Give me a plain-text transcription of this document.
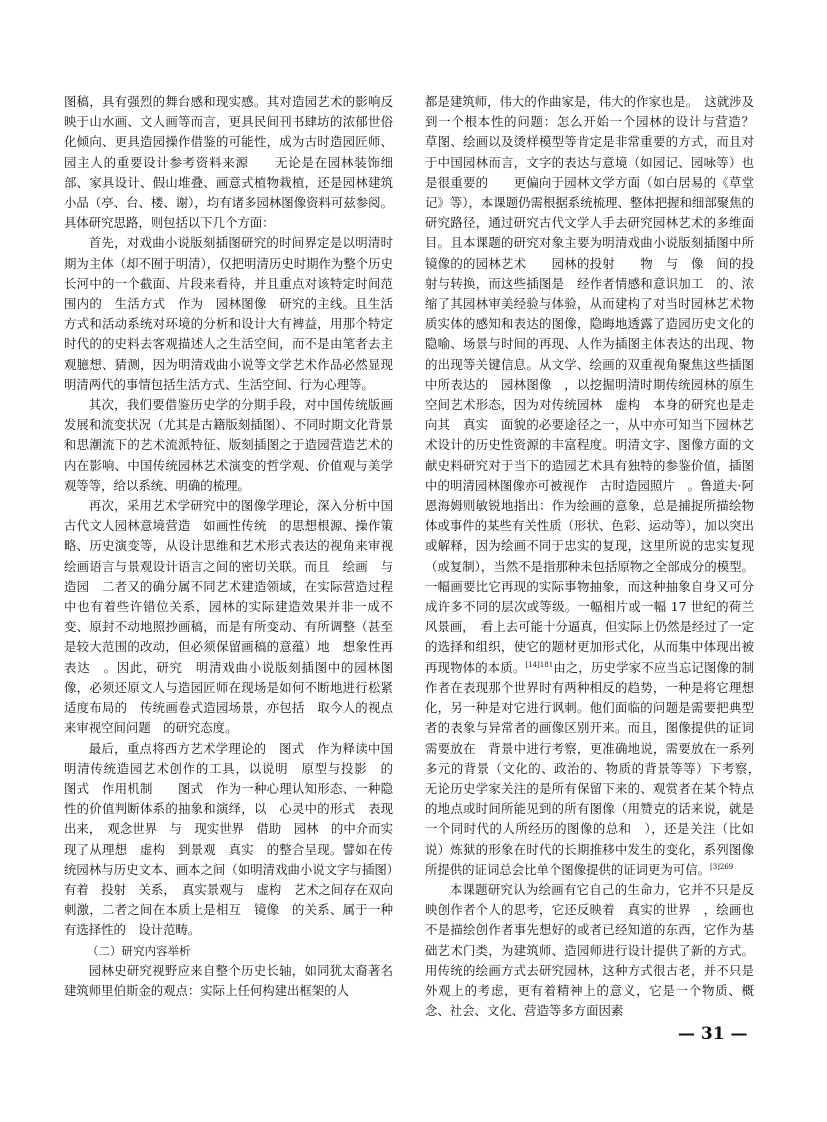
图稿，具有强烈的舞台感和现实感。其对造园艺术的影响反映于山水画、文人画等而言，更具民间刊书肆坊的浓郁世俗化倾向、更具造园操作借鉴的可能性，成为古时造园匠师、园主人的重要设计参考资料来源　　无论是在园林装饰细部、家具设计、假山堆叠、画意式植物栽植，还是园林建筑小品（亭、台、楼、谢），均有诸多园林图像资料可兹参阅。具体研究思路，则包括以下几个方面：

首先，对戏曲小说版刻插图研究的时间界定是以明清时期为主体（却不囿于明清），仅把明清历史时期作为整个历史长河中的一个截面、片段来看待，并且重点对该特定时间范围内的　生活方式　作为　园林图像　研究的主线。且生活方式和活动系统对环境的分析和设计大有裨益，用那个特定时代的的史料去客观描述人之生活空间，而不是由笔者去主观臆想、猜测，因为明清戏曲小说等文学艺术作品必然显现明清两代的事情包括生活方式、生活空间、行为心理等。

其次，我们要借鉴历史学的分期手段，对中国传统版画发展和流变状况（尤其是古籍版刻插图）、不同时期文化背景和思潮流下的艺术流派特征、版刻插图之于造园营造艺术的内在影响、中国传统园林艺术演变的哲学观、价值观与美学观等等，给以系统、明确的梳理。

再次，采用艺术学研究中的图像学理论，深入分析中国古代文人园林意境营造　如画性传统　的思想根源、操作策略、历史演变等，从设计思维和艺术形式表达的视角来审视绘画语言与景观设计语言之间的密切关联。而且　绘画　与　造园　二者又的确分属不同艺术建造领域，在实际营造过程中也有着些许错位关系，园林的实际建造效果并非一成不变、原封不动地照抄画稿，而是有所变动、有所调整（甚至是较大范围的改动，但必须保留画稿的意蕴）地　想象性再表达　。因此，研究　明清戏曲小说版刻插图中的园林图像，必须还原文人与造园匠师在现场是如何不断地进行松紧适度布局的　传统画卷式造园场景，亦包括　取今人的视点来审视空间问题　的研究态度。

最后，重点将西方艺术学理论的　图式　作为释读中国明清传统造园艺术创作的工具，以说明　原型与投影　的　图式　作用机制　　图式　作为一种心理认知形态、一种隐性的价值判断体系的抽象和演绎，以　心灵中的形式　表现出来，　观念世界　与　现实世界　借助　园林　的中介而实现了从理想　虚构　到景观　真实　的整合呈现。譬如在传统园林与历史文本、画本之间（如明清戏曲小说文字与插图）有着　投射　关系，　真实景观与　虚构　艺术之间存在双向刺激，二者之间在本质上是相互　镜像　的关系、属于一种有选择性的　设计范畴。

（二）研究内容举析

园林史研究视野应来自整个历史长轴，如同犹太裔著名建筑师里伯斯金的观点：实际上任何构建出框架的人

都是建筑师，伟大的作曲家是，伟大的作家也是。　这就涉及到一个根本性的问题：怎么开始一个园林的设计与营造？　草图、绘画以及烫样模型等肯定是非常重要的方式，而且对于中国园林而言，文字的表达与意境（如园记、园咏等）也是很重要的　　更偏向于园林文学方面（如白居易的《草堂记》等），本课题仍需根据系统梳理、整体把握和细部聚焦的研究路径，通过研究古代文学人手去研究园林艺术的多维面目。且本课题的研究对象主要为明清戏曲小说版刻插图中所镜像的的园林艺术　　园林的投射　　物　与　像　间的投射与转换，而这些插图是　经作者情感和意识加工　的、浓缩了其园林审美经验与体验，从而建构了对当时园林艺术物质实体的感知和表达的图像，隐晦地透露了造园历史文化的隐喻、场景与时间的再现、人作为插图主体表达的出现、物的出现等关键信息。从文学、绘画的双重视角聚焦这些插图中所表达的　园林图像　，以挖掘明清时期传统园林的原生空间艺术形态，因为对传统园林　虚构　本身的研究也是走向其　真实　面貌的必要途径之一，从中亦可知当下园林艺术设计的历史性资源的丰富程度。明清文字、图像方面的文献史料研究对于当下的造园艺术具有独特的参鉴价值，插图中的明清园林图像亦可被视作　古时造园照片　。鲁道夫·阿恩海姆则敏锐地指出：作为绘画的意象，总是捕捉所描绘物体或事件的某些有关性质（形状、色彩、运动等），加以突出或解释，因为绘画不同于忠实的复现，这里所说的忠实复现（或复制），当然不是指那种未包括原物之全部成分的模型。一幅画要比它再现的实际事物抽象，而这种抽象自身又可分成许多不同的层次或等级。一幅相片或一幅 17 世纪的荷兰风景画，　看上去可能十分逼真，但实际上仍然是经过了一定的选择和组织，使它的题材更加形式化，从而集中体现出被再现物体的本质。$^{[14]181}$由之，历史学家不应当忘记图像的制作者在表现那个世界时有两种相反的趋势，一种是将它理想化，另一种是对它进行讽刺。他们面临的问题是需要把典型者的表象与异常者的画像区别开来。而且，图像提供的证词需要放在　背景中进行考察，更准确地说，需要放在一系列多元的背景（文化的、政治的、物质的背景等等）下考察，　　无论历史学家关注的是所有保留下来的、观赏者在某个特点的地点或时间所能见到的所有图像（用赞克的话来说，就是　一个同时代的人所经历的图像的总和　），还是关注（比如说）炼狱的形象在时代的长期推移中发生的变化，系列图像所提供的证词总会比单个图像提供的证词更为可信。$^{[3]269}$

本课题研究认为绘画有它自己的生命力，它并不只是反映创作者个人的思考，它还反映着　真实的世界　，绘画也不是描绘创作者事先想好的或者已经知道的东西，它作为基础艺术门类，为建筑师、造园师进行设计提供了新的方式。用传统的绘画方式去研究园林，这种方式很古老，并不只是外观上的考虑，更有着精神上的意义，它是一个物质、概念、社会、文化、营造等多方面因素

— 31 —
